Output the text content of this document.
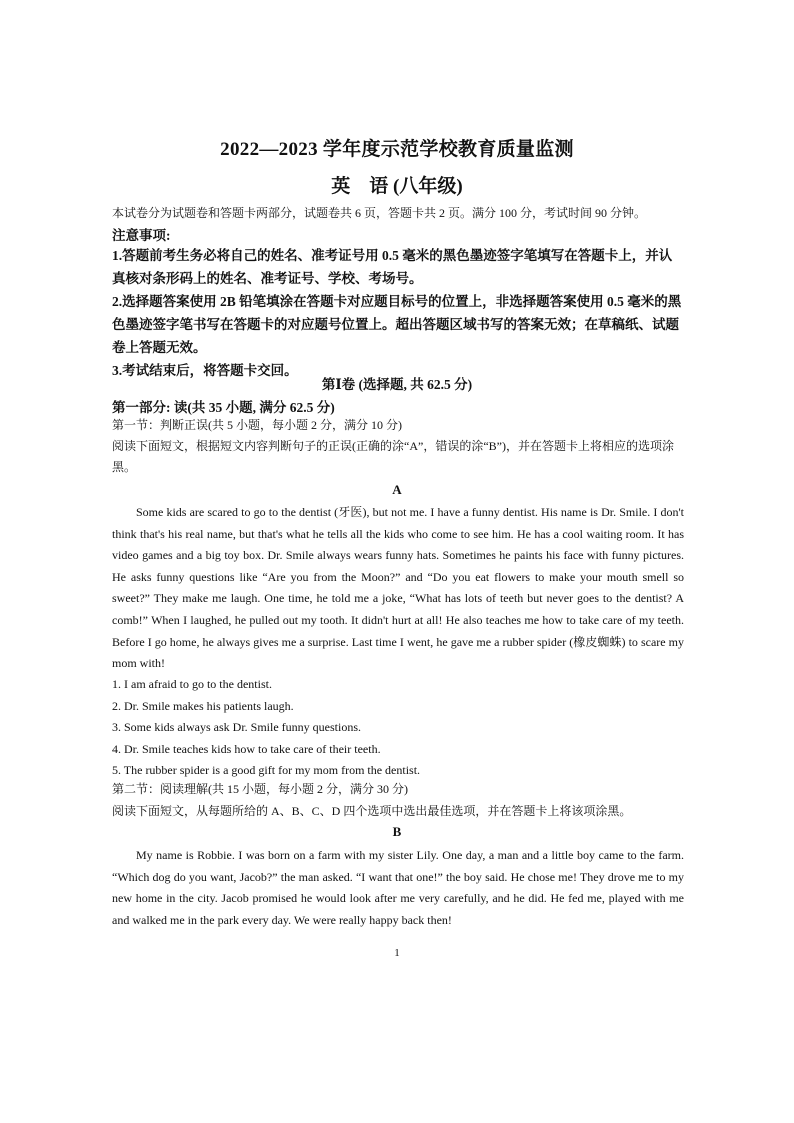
2022—2023 学年度示范学校教育质量监测
英　语 (八年级)
本试卷分为试题卷和答题卡两部分，试题卷共 6 页，答题卡共 2 页。满分 100 分，考试时间 90 分钟。
注意事项:

1.答题前考生务必将自己的姓名、准考证号用 0.5 毫米的黑色墨迹签字笔填写在答题卡上，并认真核对条形码上的姓名、准考证号、学校、考场号。

2.选择题答案使用 2B 铅笔填涂在答题卡对应题目标号的位置上，非选择题答案使用 0.5 毫米的黑色墨迹签字笔书写在答题卡的对应题号位置上。超出答题区域书写的答案无效；在草稿纸、试题卷上答题无效。

3.考试结束后，将答题卡交回。

第Ⅰ卷 (选择题, 共 62.5 分)
第一部分: 读(共 35 小题, 满分 62.5 分)
第一节：判断正误(共 5 小题，每小题 2 分，满分 10 分)
阅读下面短文，根据短文内容判断句子的正误(正确的涂“A”，错误的涂“B”)，并在答题卡上将相应的选项涂黑。
A

Some kids are scared to go to the dentist (牙医), but not me. I have a funny dentist. His name is Dr. Smile. I don't think that's his real name, but that's what he tells all the kids who come to see him. He has a cool waiting room. It has video games and a big toy box. Dr. Smile always wears funny hats. Sometimes he paints his face with funny pictures. He asks funny questions like “Are you from the Moon?” and “Do you eat flowers to make your mouth smell so sweet?” They make me laugh. One time, he told me a joke, “What has lots of teeth but never goes to the dentist? A comb!” When I laughed, he pulled out my tooth. It didn't hurt at all! He also teaches me how to take care of my teeth. Before I go home, he always gives me a surprise. Last time I went, he gave me a rubber spider (橡皮蜘蛛) to scare my mom with!

1. I am afraid to go to the dentist.
2. Dr. Smile makes his patients laugh.
3. Some kids always ask Dr. Smile funny questions.
4. Dr. Smile teaches kids how to take care of their teeth.
5. The rubber spider is a good gift for my mom from the dentist.
第二节：阅读理解(共 15 小题，每小题 2 分，满分 30 分)
阅读下面短文，从每题所给的 A、B、C、D 四个选项中选出最佳选项，并在答题卡上将该项涂黑。
B

My name is Robbie. I was born on a farm with my sister Lily. One day, a man and a little boy came to the farm. “Which dog do you want, Jacob?” the man asked. “I want that one!” the boy said. He chose me! They drove me to my new home in the city. Jacob promised he would look after me very carefully, and he did. He fed me, played with me and walked me in the park every day. We were really happy back then!

1
